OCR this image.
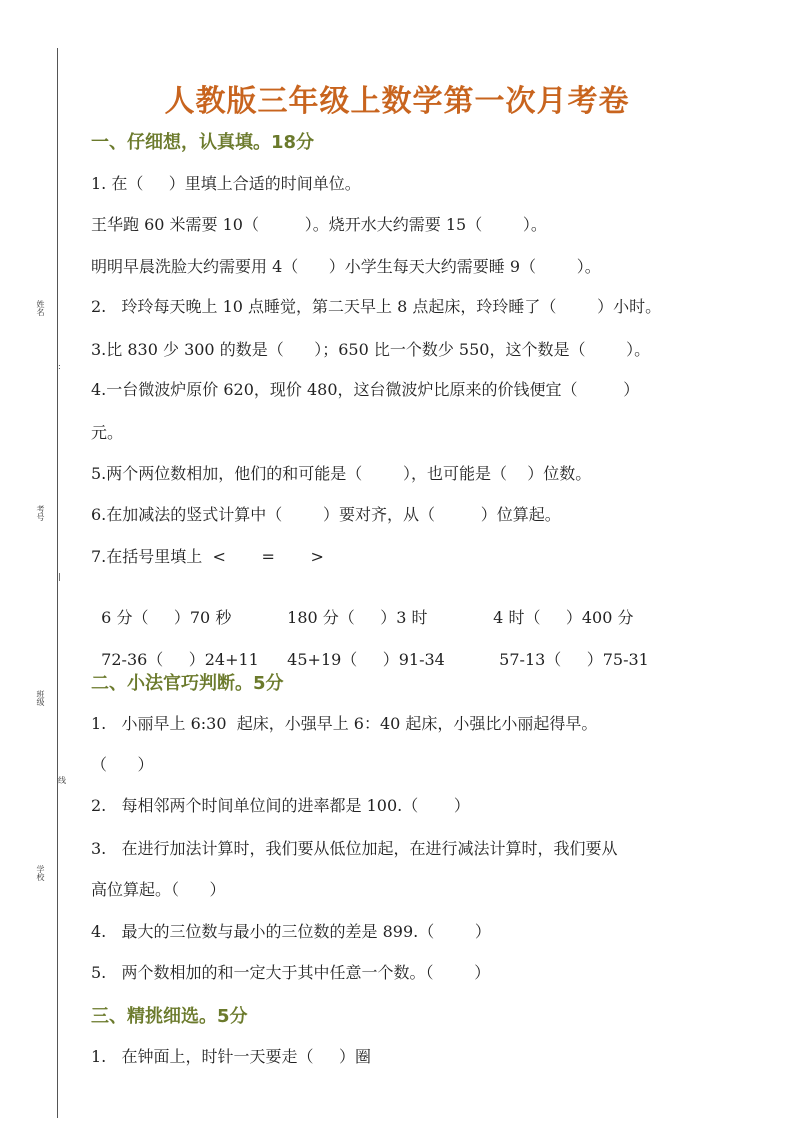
姓名
考号
班级
学校
:
|
线
人教版三年级上数学第一次月考卷
一、仔细想，认真填。18分
1. 在（     ）里填上合适的时间单位。
王华跑 60 米需要 10（         ）。烧开水大约需要 15（        ）。
明明早晨洗脸大约需要用 4（      ）小学生每天大约需要睡 9（        ）。
2.   玲玲每天晚上 10 点睡觉，第二天早上 8 点起床，玲玲睡了（        ）小时。
3.比 830 少 300 的数是（      ）；650 比一个数少 550，这个数是（        ）。
4.一台微波炉原价 620，现价 480，这台微波炉比原来的价钱便宜（         ）
元。
5.两个两位数相加，他们的和可能是（        ），也可能是（    ）位数。
6.在加减法的竖式计算中（        ）要对齐，从（         ）位算起。
7.在括号里填上  <       =       >

6 分（     ）70 秒	180 分（     ）3 时	4 时（     ）400 分

72-36（     ）24+11 45+19（     ）91-34	57-13（     ）75-31

二、小法官巧判断。5分
1.   小丽早上 6:30  起床，小强早上 6：40 起床，小强比小丽起得早。
（      ）
2.   每相邻两个时间单位间的进率都是 100.（       ）
3.   在进行加法计算时，我们要从低位加起，在进行减法计算时，我们要从
高位算起。（      ）
4.   最大的三位数与最小的三位数的差是 899.（        ）
5.   两个数相加的和一定大于其中任意一个数。（        ）
三、精挑细选。5分
1.   在钟面上，时针一天要走（     ）圈
